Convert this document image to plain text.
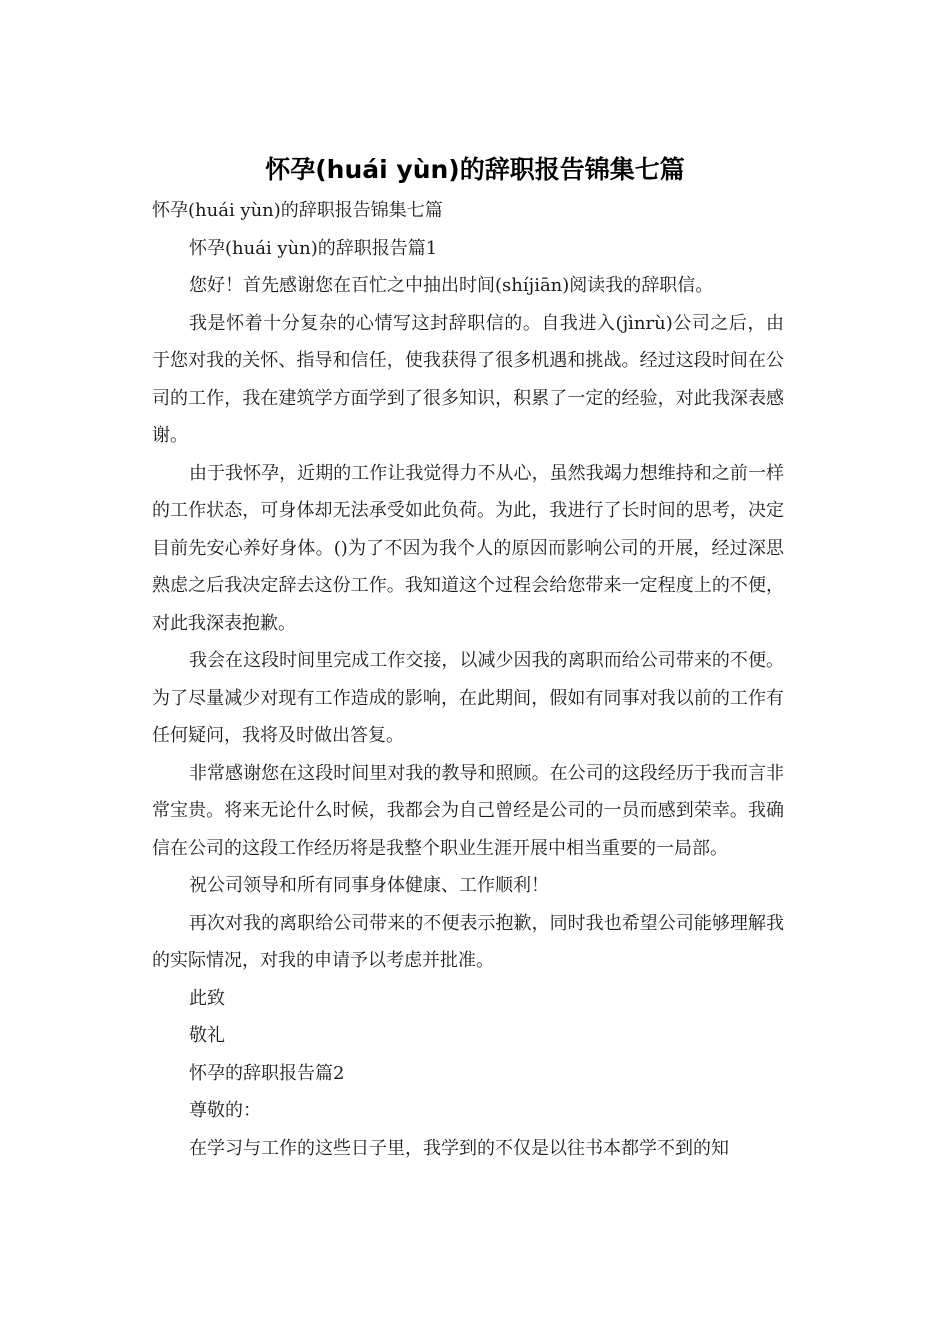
怀孕(huái yùn)的辞职报告锦集七篇

怀孕(huái yùn)的辞职报告锦集七篇

怀孕(huái yùn)的辞职报告篇1

您好！首先感谢您在百忙之中抽出时间(shíjiān)阅读我的辞职信。

我是怀着十分复杂的心情写这封辞职信的。自我进入(jìnrù)公司之后，由于您对我的关怀、指导和信任，使我获得了很多机遇和挑战。经过这段时间在公司的工作，我在建筑学方面学到了很多知识，积累了一定的经验，对此我深表感谢。

由于我怀孕，近期的工作让我觉得力不从心，虽然我竭力想维持和之前一样的工作状态，可身体却无法承受如此负荷。为此，我进行了长时间的思考，决定目前先安心养好身体。()为了不因为我个人的原因而影响公司的开展，经过深思熟虑之后我决定辞去这份工作。我知道这个过程会给您带来一定程度上的不便，对此我深表抱歉。

我会在这段时间里完成工作交接，以减少因我的离职而给公司带来的不便。为了尽量减少对现有工作造成的影响，在此期间，假如有同事对我以前的工作有任何疑问，我将及时做出答复。

非常感谢您在这段时间里对我的教导和照顾。在公司的这段经历于我而言非常宝贵。将来无论什么时候，我都会为自己曾经是公司的一员而感到荣幸。我确信在公司的这段工作经历将是我整个职业生涯开展中相当重要的一局部。

祝公司领导和所有同事身体健康、工作顺利！

再次对我的离职给公司带来的不便表示抱歉，同时我也希望公司能够理解我的实际情况，对我的申请予以考虑并批准。

此致

敬礼

怀孕的辞职报告篇2

尊敬的：

在学习与工作的这些日子里，我学到的不仅是以往书本都学不到的知
